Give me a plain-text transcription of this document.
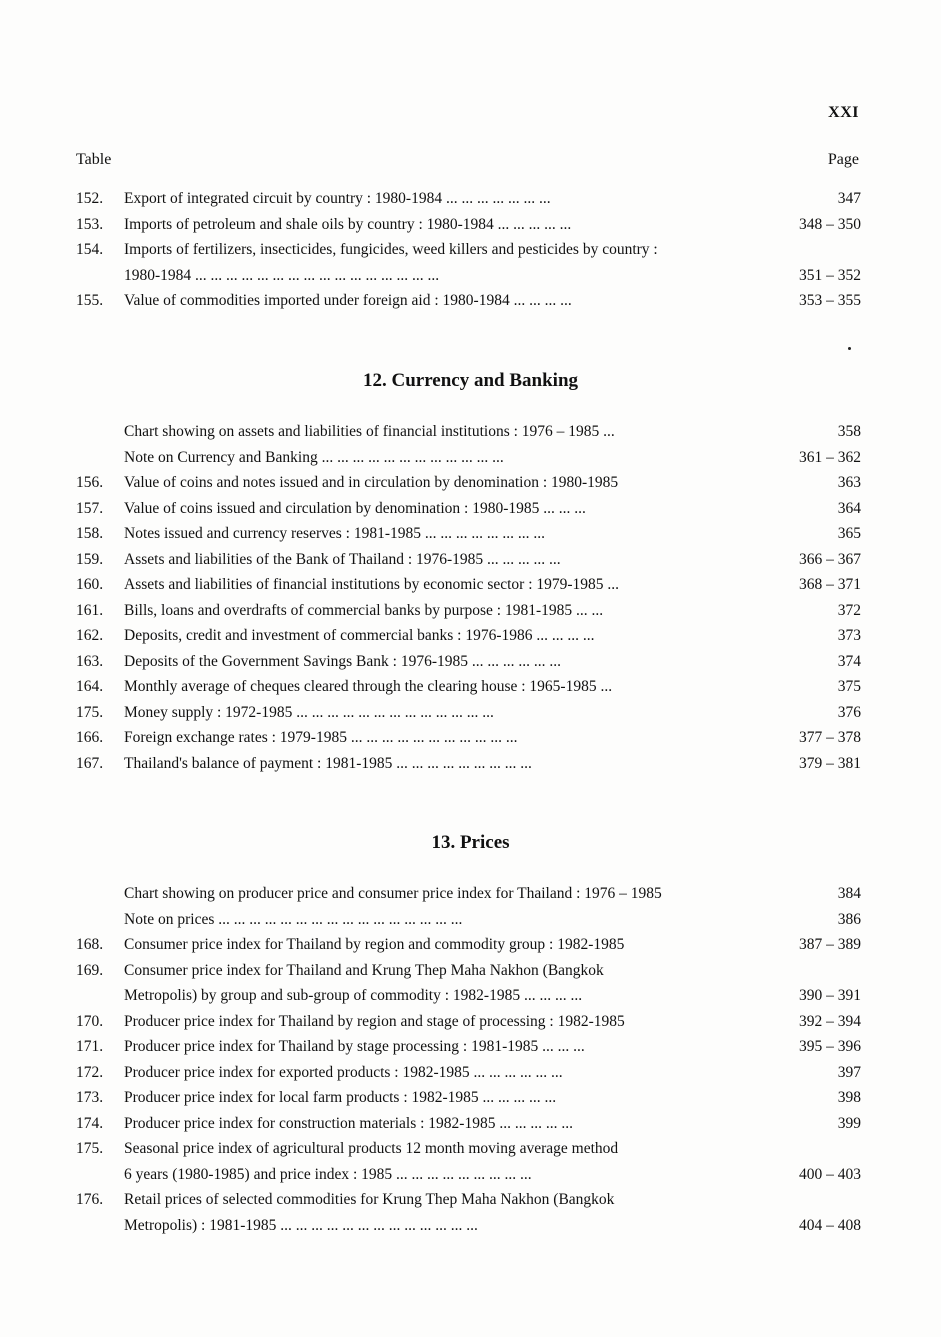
XXI
Table	Page
152.	Export of integrated circuit by country : 1980-1984 ... ... ... ... ... ... ...	347
153.	Imports of petroleum and shale oils by country : 1980-1984 ... ... ... ... ...	348 – 350
154.	Imports of fertilizers, insecticides, fungicides, weed killers and pesticides by country :
1980-1984 ... ... ... ... ... ... ... ... ... ... ... ... ... ... ... ...	351 – 352
155.	Value of commodities imported under foreign aid : 1980-1984 ... ... ... ...	353 – 355
12. Currency and Banking
Chart showing on assets and liabilities of financial institutions : 1976 – 1985 ...	358
Note on Currency and Banking ... ... ... ... ... ... ... ... ... ... ... ...	361 – 362
156.	Value of coins and notes issued and in circulation by denomination : 1980-1985	363
157.	Value of coins issued and circulation by denomination : 1980-1985 ... ... ...	364
158.	Notes issued and currency reserves : 1981-1985 ... ... ... ... ... ... ... ...	365
159.	Assets and liabilities of the Bank of Thailand : 1976-1985 ... ... ... ... ...	366 – 367
160.	Assets and liabilities of financial institutions by economic sector : 1979-1985 ...	368 – 371
161.	Bills, loans and overdrafts of commercial banks by purpose : 1981-1985 ... ...	372
162.	Deposits, credit and investment of commercial banks : 1976-1986 ... ... ... ...	373
163.	Deposits of the Government Savings Bank : 1976-1985 ... ... ... ... ... ...	374
164.	Monthly average of cheques cleared through the clearing house : 1965-1985 ...	375
175.	Money supply : 1972-1985 ... ... ... ... ... ... ... ... ... ... ... ... ...	376
166.	Foreign exchange rates : 1979-1985 ... ... ... ... ... ... ... ... ... ... ...	377 – 378
167.	Thailand's balance of payment : 1981-1985 ... ... ... ... ... ... ... ... ...	379 – 381
13. Prices
Chart showing on producer price and consumer price index for Thailand : 1976 – 1985	384
Note on prices ... ... ... ... ... ... ... ... ... ... ... ... ... ... ... ...	386
168.	Consumer price index for Thailand by region and commodity group : 1982-1985	387 – 389
169.	Consumer price index for Thailand and Krung Thep Maha Nakhon (Bangkok
Metropolis) by group and sub-group of commodity : 1982-1985 ... ... ... ...	390 – 391
170.	Producer price index for Thailand by region and stage of processing : 1982-1985	392 – 394
171.	Producer price index for Thailand by stage processing : 1981-1985 ... ... ...	395 – 396
172.	Producer price index for exported products : 1982-1985 ... ... ... ... ... ...	397
173.	Producer price index for local farm products : 1982-1985 ... ... ... ... ...	398
174.	Producer price index for construction materials : 1982-1985 ... ... ... ... ...	399
175.	Seasonal price index of agricultural products 12 month moving average method
6 years (1980-1985) and price index : 1985 ... ... ... ... ... ... ... ... ...	400 – 403
176.	Retail prices of selected commodities for Krung Thep Maha Nakhon (Bangkok
Metropolis) : 1981-1985 ... ... ... ... ... ... ... ... ... ... ... ... ...	404 – 408
